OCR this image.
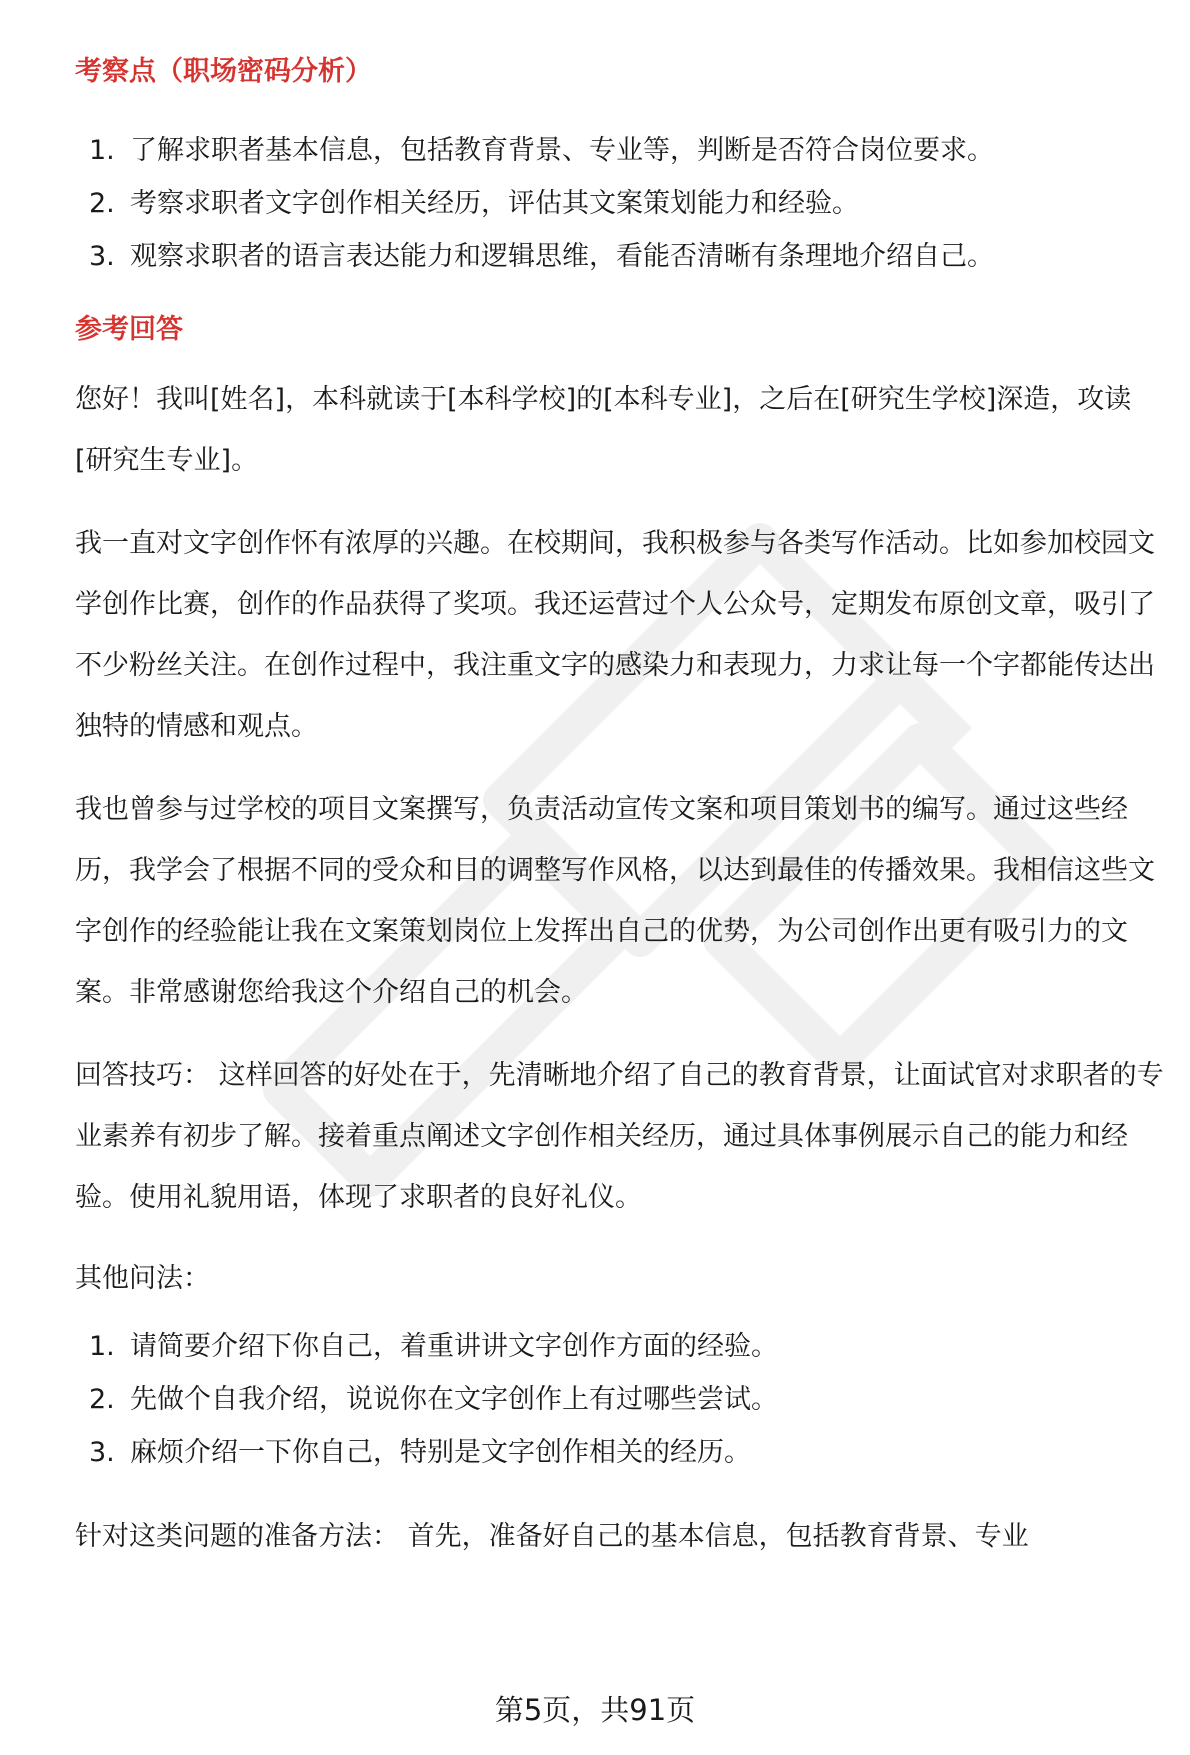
考察点（职场密码分析）
1. 了解求职者基本信息，包括教育背景、专业等，判断是否符合岗位要求。
2. 考察求职者文字创作相关经历，评估其文案策划能力和经验。
3. 观察求职者的语言表达能力和逻辑思维，看能否清晰有条理地介绍自己。
参考回答

您好！我叫[姓名]，本科就读于[本科学校]的[本科专业]，之后在[研究生学校]深造，攻读[研究生专业]。

我一直对文字创作怀有浓厚的兴趣。在校期间，我积极参与各类写作活动。比如参加校园文学创作比赛，创作的作品获得了奖项。我还运营过个人公众号，定期发布原创文章，吸引了不少粉丝关注。在创作过程中，我注重文字的感染力和表现力，力求让每一个字都能传达出独特的情感和观点。

我也曾参与过学校的项目文案撰写，负责活动宣传文案和项目策划书的编写。通过这些经历，我学会了根据不同的受众和目的调整写作风格，以达到最佳的传播效果。我相信这些文字创作的经验能让我在文案策划岗位上发挥出自己的优势，为公司创作出更有吸引力的文案。非常感谢您给我这个介绍自己的机会。

回答技巧： 这样回答的好处在于，先清晰地介绍了自己的教育背景，让面试官对求职者的专业素养有初步了解。接着重点阐述文字创作相关经历，通过具体事例展示自己的能力和经验。使用礼貌用语，体现了求职者的良好礼仪。

其他问法：

1. 请简要介绍下你自己，着重讲讲文字创作方面的经验。
2. 先做个自我介绍，说说你在文字创作上有过哪些尝试。
3. 麻烦介绍一下你自己，特别是文字创作相关的经历。

针对这类问题的准备方法： 首先，准备好自己的基本信息，包括教育背景、专业

第5页，共91页
